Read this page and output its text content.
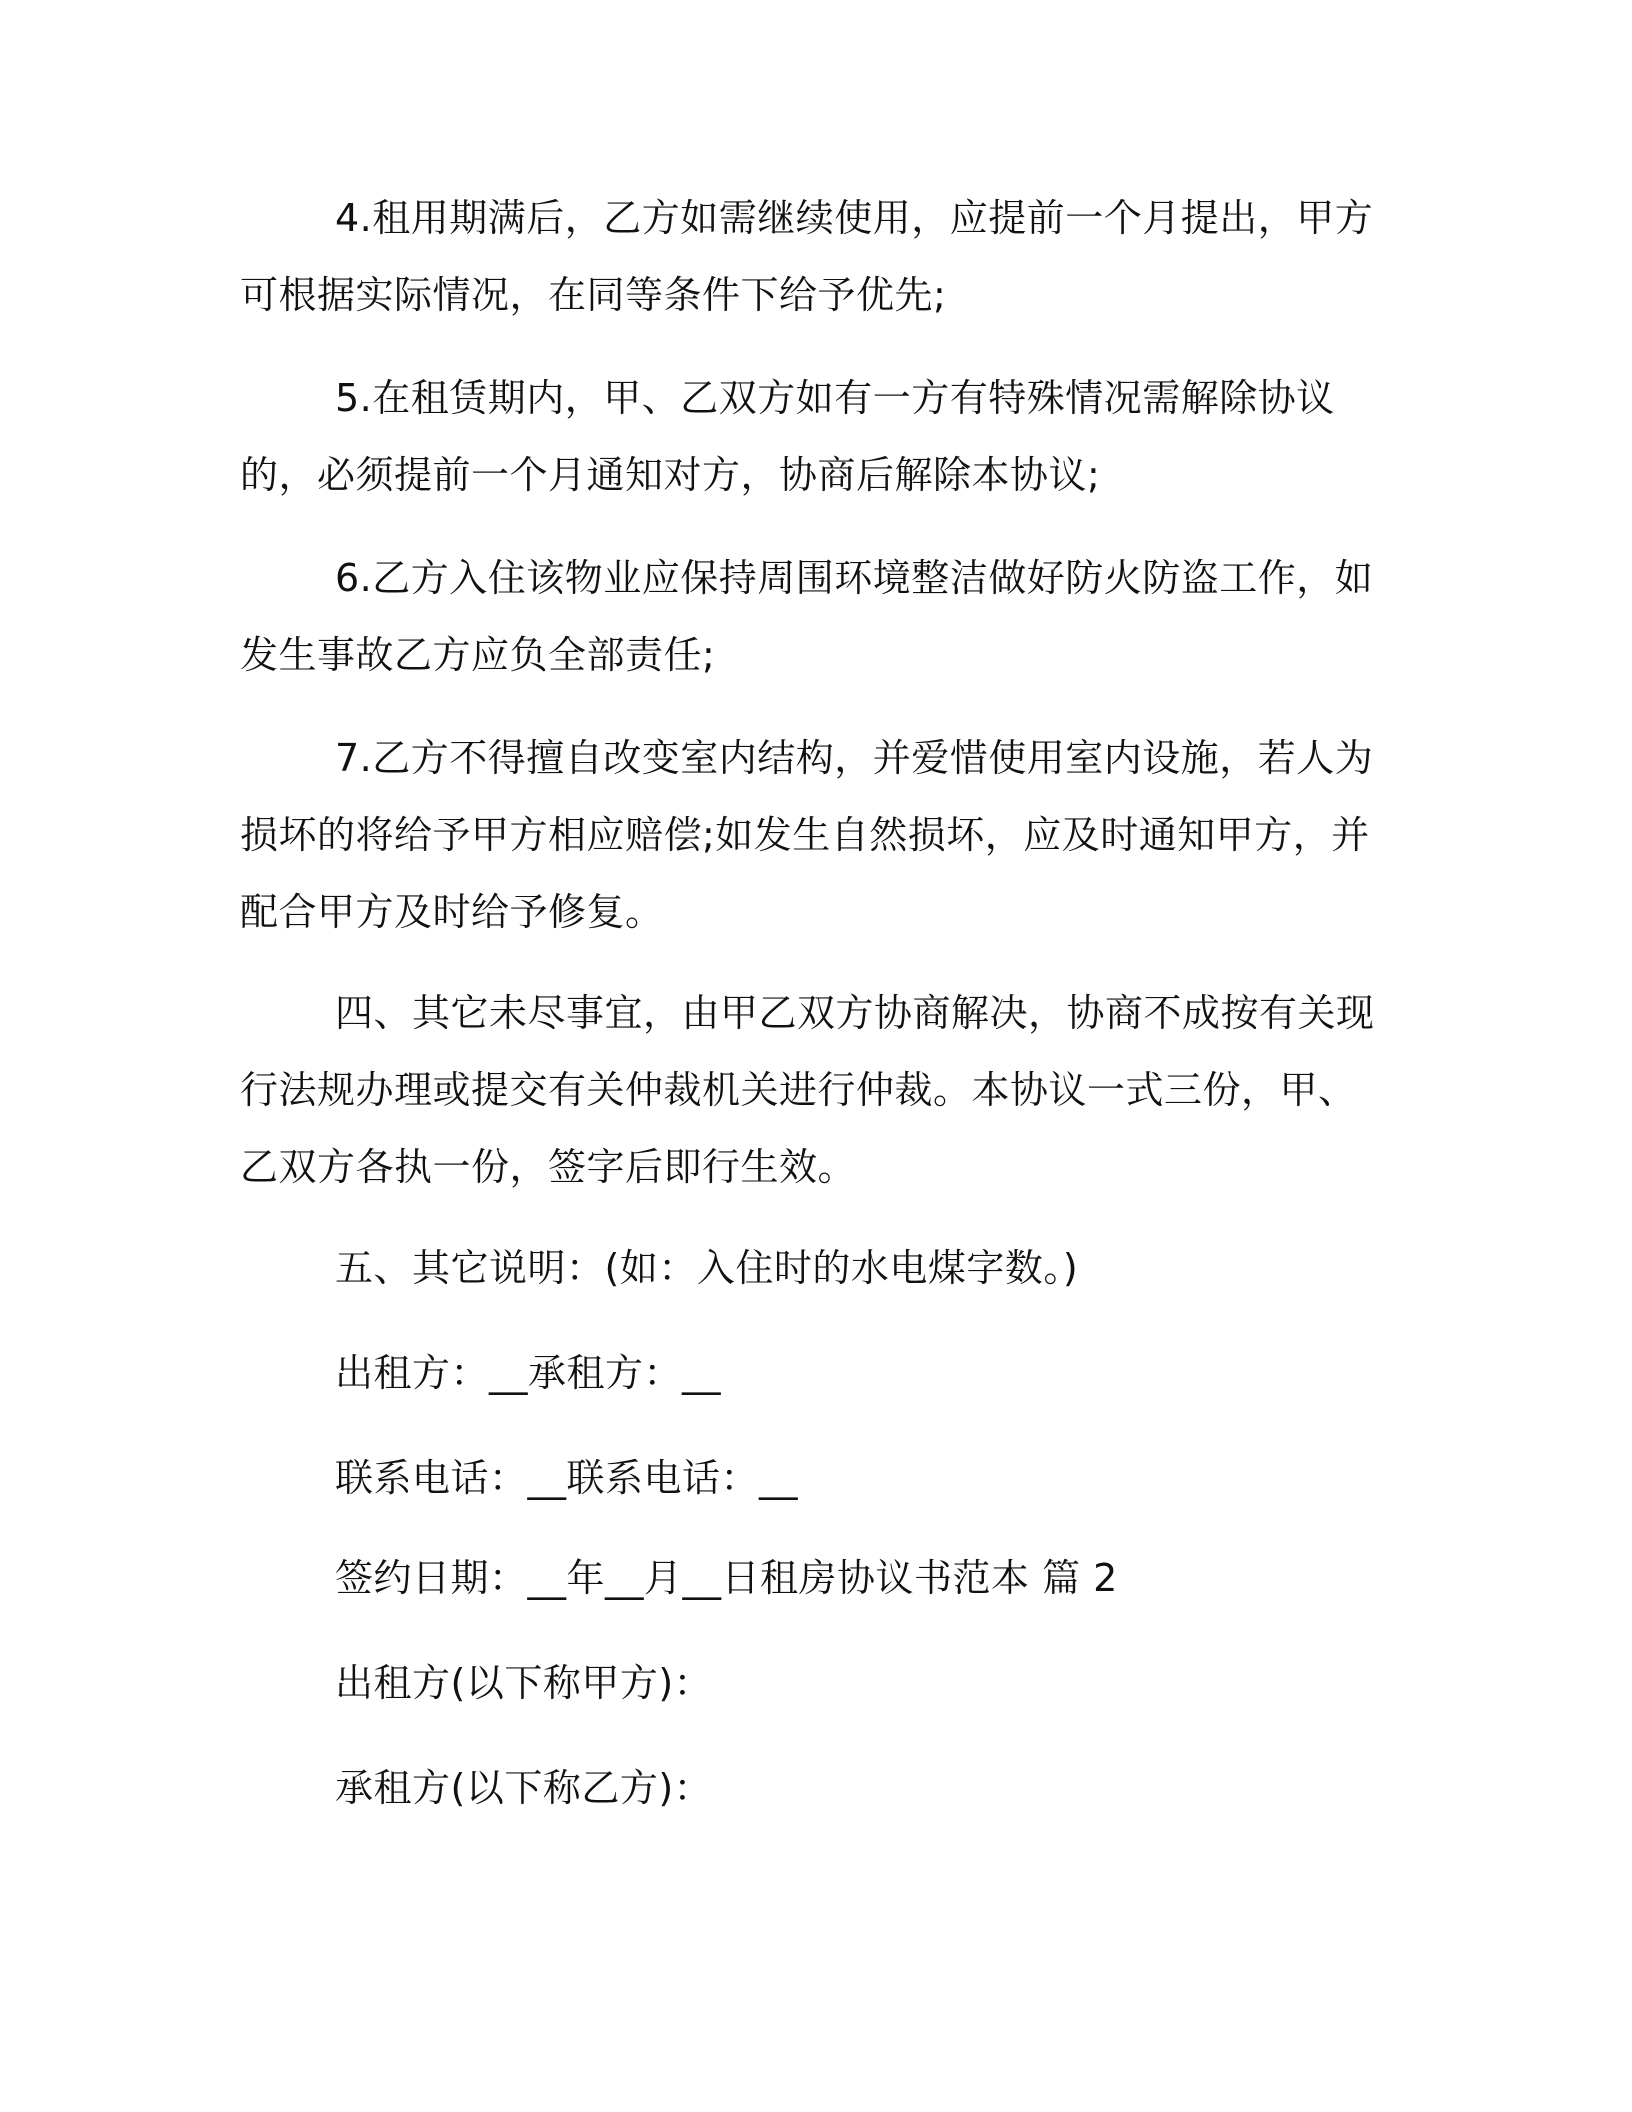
4.租用期满后，乙方如需继续使用，应提前一个月提出，甲方可根据实际情况，在同等条件下给予优先;

5.在租赁期内，甲、乙双方如有一方有特殊情况需解除协议的，必须提前一个月通知对方，协商后解除本协议;

6.乙方入住该物业应保持周围环境整洁做好防火防盗工作，如发生事故乙方应负全部责任;

7.乙方不得擅自改变室内结构，并爱惜使用室内设施，若人为损坏的将给予甲方相应赔偿;如发生自然损坏，应及时通知甲方，并配合甲方及时给予修复。

四、其它未尽事宜，由甲乙双方协商解决，协商不成按有关现行法规办理或提交有关仲裁机关进行仲裁。本协议一式三份，甲、乙双方各执一份，签字后即行生效。

五、其它说明：(如：入住时的水电煤字数。)

出租方：__承租方：__

联系电话：__联系电话：__

签约日期：__年__月__日租房协议书范本 篇 2

出租方(以下称甲方)：

承租方(以下称乙方)：
